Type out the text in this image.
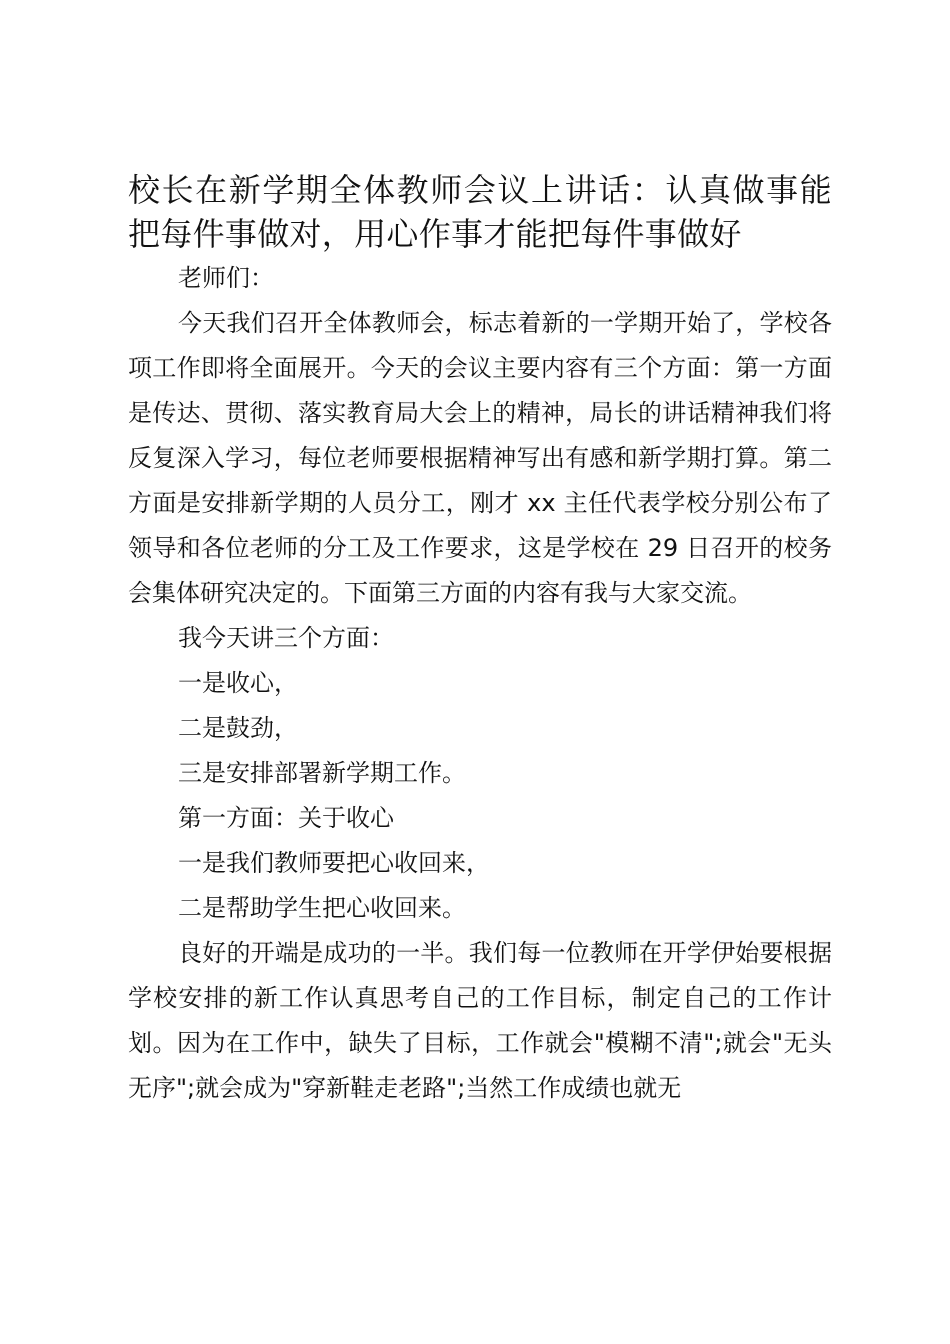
校长在新学期全体教师会议上讲话：认真做事能把每件事做对，用心作事才能把每件事做好

老师们：

今天我们召开全体教师会，标志着新的一学期开始了，学校各项工作即将全面展开。今天的会议主要内容有三个方面：第一方面是传达、贯彻、落实教育局大会上的精神，局长的讲话精神我们将反复深入学习，每位老师要根据精神写出有感和新学期打算。第二方面是安排新学期的人员分工，刚才 xx 主任代表学校分别公布了领导和各位老师的分工及工作要求，这是学校在 29 日召开的校务会集体研究决定的。下面第三方面的内容有我与大家交流。

我今天讲三个方面：

一是收心，

二是鼓劲，

三是安排部署新学期工作。

第一方面：关于收心

一是我们教师要把心收回来，

二是帮助学生把心收回来。

良好的开端是成功的一半。我们每一位教师在开学伊始要根据学校安排的新工作认真思考自己的工作目标，制定自己的工作计划。因为在工作中，缺失了目标，工作就会"模糊不清";就会"无头无序";就会成为"穿新鞋走老路";当然工作成绩也就无
